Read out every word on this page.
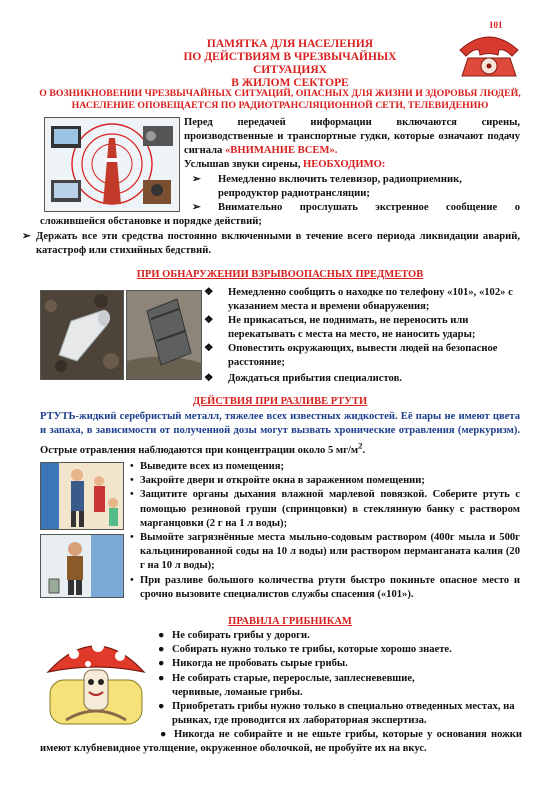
101
ПАМЯТКА ДЛЯ НАСЕЛЕНИЯ
ПО ДЕЙСТВИЯМ В ЧРЕЗВЫЧАЙНЫХ СИТУАЦИЯХ
В ЖИЛОМ СЕКТОРЕ
О ВОЗНИКНОВЕНИИ ЧРЕЗВЫЧАЙНЫХ СИТУАЦИЙ, ОПАСНЫХ ДЛЯ ЖИЗНИ И ЗДОРОВЬЯ ЛЮДЕЙ,
НАСЕЛЕНИЕ ОПОВЕЩАЕТСЯ ПО РАДИОТРАНСЛЯЦИОННОЙ СЕТИ, ТЕЛЕВИДЕНИЮ
Перед передачей информации включаются сирены, производственные и транспортные гудки, которые означают подачу сигнала «ВНИМАНИЕ ВСЕМ».
Услышав звуки сирены, НЕОБХОДИМО:
➢	Немедленно включить телевизор, радиоприемник, репродуктор радиотрансляции;
➢	Внимательно прослушать экстренное сообщение о сложившейся обстановке и порядке действий;
➢ Держать все эти средства постоянно включенными в течение всего периода ликвидации аварий, катастроф или стихийных бедствий.
ПРИ ОБНАРУЖЕНИИ ВЗРЫВООПАСНЫХ ПРЕДМЕТОВ
❖ Немедленно сообщить о находке по телефону «101», «102» с указанием места и времени обнаружения;
❖ Не прикасаться, не поднимать, не переносить или перекатывать с места на место, не наносить удары;
❖ Оповестить окружающих, вывести людей на безопасное расстояние;
❖ Дождаться прибытия специалистов.
ДЕЙСТВИЯ ПРИ РАЗЛИВЕ РТУТИ
РТУТЬ-жидкий серебристый металл, тяжелее всех известных жидкостей. Её пары не имеют цвета и запаха, в зависимости от полученной дозы могут вызвать хронические отравления (меркуризм). Острые отравления наблюдаются при концентрации около 5 $мг/м^2$.
• Выведите всех из помещения;
• Закройте двери и откройте окна в зараженном помещении;
• Защитите органы дыхания влажной марлевой повязкой. Соберите ртуть с помощью резиновой груши (спринцовки) в стеклянную банку с раствором марганцовки (2 г на 1 л воды);
• Вымойте загрязнённые места мыльно-содовым раствором (400г мыла и 500г кальцинированной соды на 10 л воды) или раствором перманганата калия (20 г на 10 л воды);
• При разливе большого количества ртути быстро покиньте опасное место и срочно вызовите специалистов службы спасения («101»).
ПРАВИЛА ГРИБНИКАМ
● Не собирать грибы у дороги.
● Собирать нужно только те грибы, которые хорошо знаете.
● Никогда не пробовать сырые грибы.
● Не собирать старые, перерослые, заплесневевшие, червивые, ломаные грибы.
● Приобретать грибы нужно только в специально отведенных местах, на рынках, где проводится их лабораторная экспертиза.
● Никогда не собирайте и не ешьте грибы, которые у основания ножки имеют клубневидное утолщение, окруженное оболочкой, не пробуйте их на вкус.
